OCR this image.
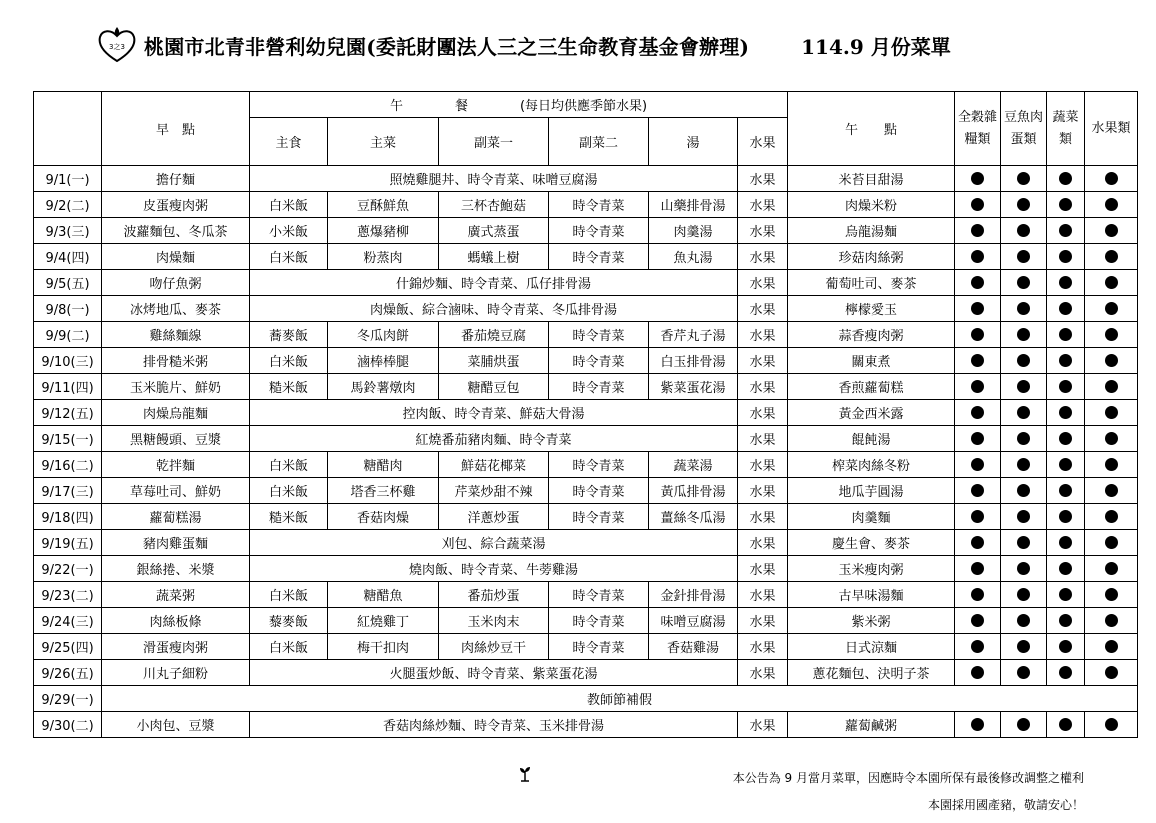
3之3 桃園市北青非營利幼兒園(委託財團法人三之三生命教育基金會辦理)	114.9 月份菜單
	早　點	午　　　　餐　　　　(每日均供應季節水果)						午　　點	全穀雜糧類	豆魚肉蛋類	蔬菜類	水果類
		主食	主菜	副菜一	副菜二	湯	水果					
9/1(一)	擔仔麵	照燒雞腿丼、時令青菜、味噌豆腐湯					水果	米苔目甜湯				
9/2(二)	皮蛋瘦肉粥	白米飯	豆酥鮮魚	三杯杏鮑菇	時令青菜	山藥排骨湯	水果	肉燥米粉				
9/3(三)	波蘿麵包、冬瓜茶	小米飯	蔥爆豬柳	廣式蒸蛋	時令青菜	肉羹湯	水果	烏龍湯麵				
9/4(四)	肉燥麵	白米飯	粉蒸肉	螞蟻上樹	時令青菜	魚丸湯	水果	珍菇肉絲粥				
9/5(五)	吻仔魚粥	什錦炒麵、時令青菜、瓜仔排骨湯					水果	葡萄吐司、麥茶				
9/8(一)	冰烤地瓜、麥茶	肉燥飯、綜合滷味、時令青菜、冬瓜排骨湯					水果	檸檬愛玉				
9/9(二)	雞絲麵線	蕎麥飯	冬瓜肉餅	番茄燒豆腐	時令青菜	香芹丸子湯	水果	蒜香瘦肉粥				
9/10(三)	排骨糙米粥	白米飯	滷棒棒腿	菜脯烘蛋	時令青菜	白玉排骨湯	水果	關東煮				
9/11(四)	玉米脆片、鮮奶	糙米飯	馬鈴薯燉肉	糖醋豆包	時令青菜	紫菜蛋花湯	水果	香煎蘿蔔糕				
9/12(五)	肉燥烏龍麵	控肉飯、時令青菜、鮮菇大骨湯					水果	黃金西米露				
9/15(一)	黑糖饅頭、豆漿	紅燒番茄豬肉麵、時令青菜					水果	餛飩湯				
9/16(二)	乾拌麵	白米飯	糖醋肉	鮮菇花椰菜	時令青菜	蔬菜湯	水果	榨菜肉絲冬粉				
9/17(三)	草莓吐司、鮮奶	白米飯	塔香三杯雞	芹菜炒甜不辣	時令青菜	黃瓜排骨湯	水果	地瓜芋圓湯				
9/18(四)	蘿蔔糕湯	糙米飯	香菇肉燥	洋蔥炒蛋	時令青菜	薑絲冬瓜湯	水果	肉羹麵				
9/19(五)	豬肉雞蛋麵	刈包、綜合蔬菜湯					水果	慶生會、麥茶				
9/22(一)	銀絲捲、米漿	燒肉飯、時令青菜、牛蒡雞湯					水果	玉米瘦肉粥				
9/23(二)	蔬菜粥	白米飯	糖醋魚	番茄炒蛋	時令青菜	金針排骨湯	水果	古早味湯麵				
9/24(三)	肉絲板條	藜麥飯	紅燒雞丁	玉米肉末	時令青菜	味噌豆腐湯	水果	紫米粥				
9/25(四)	滑蛋瘦肉粥	白米飯	梅干扣肉	肉絲炒豆干	時令青菜	香菇雞湯	水果	日式涼麵				
9/26(五)	川丸子細粉	火腿蛋炒飯、時令青菜、紫菜蛋花湯					水果	蔥花麵包、決明子茶				
9/29(一)	教師節補假											
9/30(二)	小肉包、豆漿	香菇肉絲炒麵、時令青菜、玉米排骨湯					水果	蘿蔔鹹粥				
本公告為 9 月當月菜單，因應時令本園所保有最後修改調整之權利
本園採用國產豬，敬請安心！
